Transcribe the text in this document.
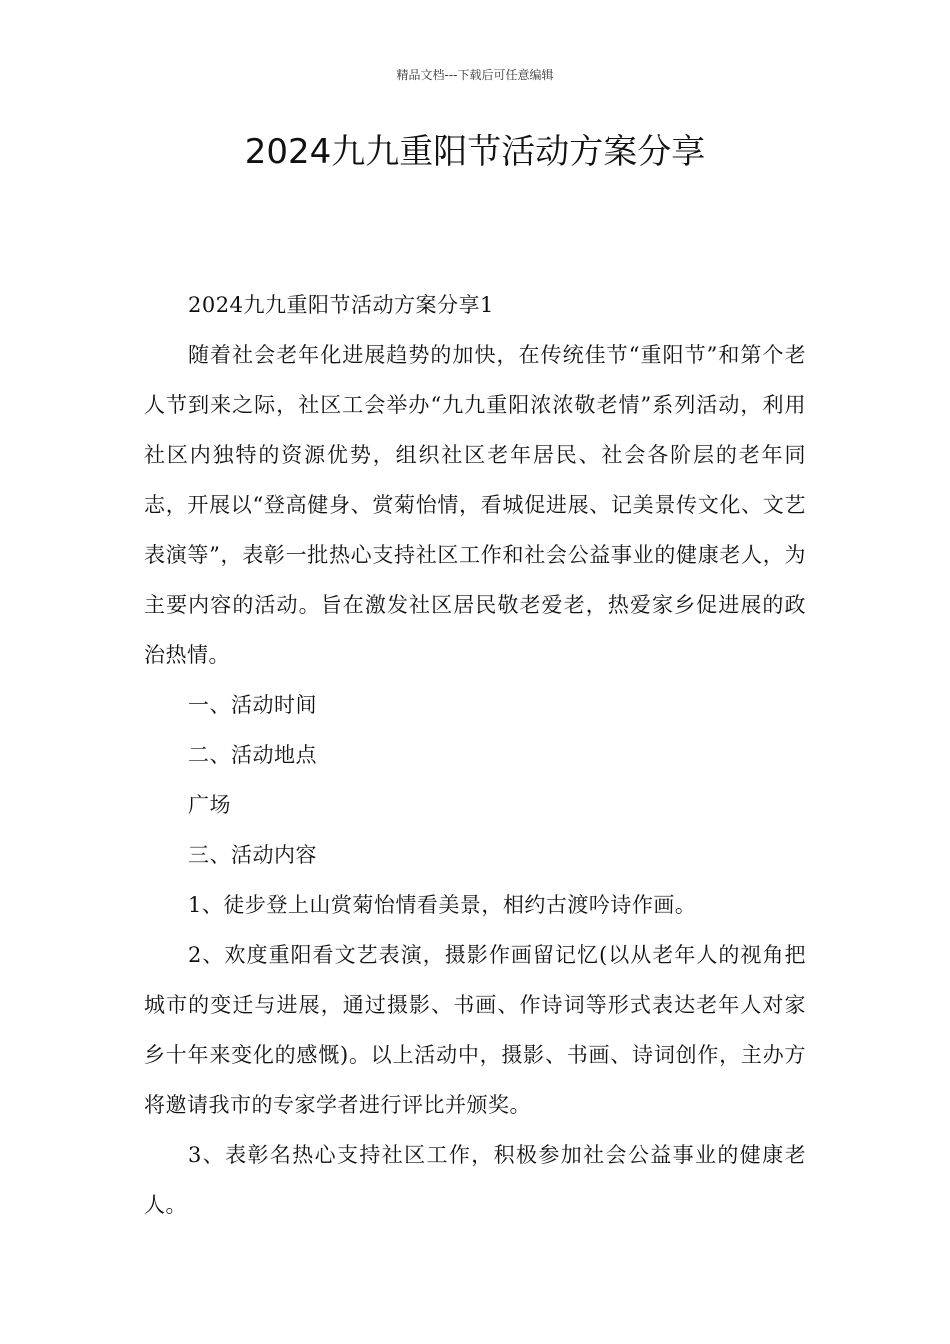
精品文档---下载后可任意编辑
2024九九重阳节活动方案分享

2024九九重阳节活动方案分享1

随着社会老年化进展趋势的加快，在传统佳节“重阳节”和第个老人节到来之际，社区工会举办“九九重阳浓浓敬老情”系列活动，利用社区内独特的资源优势，组织社区老年居民、社会各阶层的老年同志，开展以“登高健身、赏菊怡情，看城促进展、记美景传文化、文艺表演等”，表彰一批热心支持社区工作和社会公益事业的健康老人，为主要内容的活动。旨在激发社区居民敬老爱老，热爱家乡促进展的政治热情。

一、活动时间

二、活动地点

广场

三、活动内容

1、徒步登上山赏菊怡情看美景，相约古渡吟诗作画。

2、欢度重阳看文艺表演，摄影作画留记忆(以从老年人的视角把城市的变迁与进展，通过摄影、书画、作诗词等形式表达老年人对家乡十年来变化的感慨)。以上活动中，摄影、书画、诗词创作，主办方将邀请我市的专家学者进行评比并颁奖。

3、表彰名热心支持社区工作，积极参加社会公益事业的健康老人。
